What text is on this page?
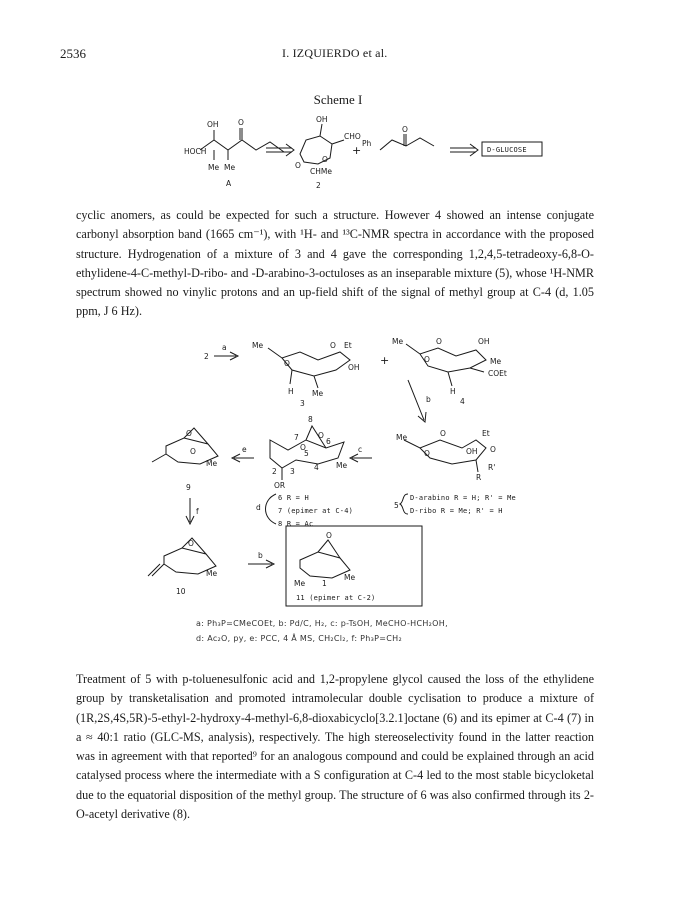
2536	I. IZQUIERDO et al.
Scheme I
OH	O
HOCH
Me Me
A
OH
CHO
O
O
CHMe
+
Ph
O
2
D-GLUCOSE

cyclic anomers, as could be expected for such a structure. However 4 showed an intense conjugate carbonyl absorption band (1665 cm⁻¹), with ¹H- and ¹³C-NMR spectra in accordance with the proposed structure. Hydrogenation of a mixture of 3 and 4 gave the corresponding 1,2,4,5-tetradeoxy-6,8-O-ethylidene-4-C-methyl-D-ribo- and -D-arabino-3-octuloses as an inseparable mixture (5), whose ¹H-NMR spectrum showed no vinylic protons and an up-field shift of the signal of methyl group at C-4 (d, 1.05 ppm, J 6 Hz).

2
a	Me
O
O Et
H Me
OH
3
+
Me
O
O	OH
Me
H
COEt
4
b
O
O
Me
e
9
8
7	6
5
2 3	4
O
O
Me
OR
c
Me
O
O
OH
Et
O
R
R'
d
6 R = H
7 (epimer at C-4)
8 R = Ac
5
D-arabino R = H; R' = Me
D-ribo R = Me; R' = H
f
O
Me
10
b
O
Me
Me 1
11 (epimer at C-2)
a: Ph₃P=CMeCOEt, b: Pd/C, H₂, c: p-TsOH, MeCHO-HCH₂OH,
d: Ac₂O, py, e: PCC, 4 Å MS, CH₂Cl₂, f: Ph₃P=CH₂

Treatment of 5 with p-toluenesulfonic acid and 1,2-propylene glycol caused the loss of the ethylidene group by transketalisation and promoted intramolecular double cyclisation to produce a mixture of (1R,2S,4S,5R)-5-ethyl-2-hydroxy-4-methyl-6,8-dioxabicyclo[3.2.1]octane (6) and its epimer at C-4 (7) in a ≈ 40:1 ratio (GLC-MS, analysis), respectively. The high stereoselectivity found in the latter reaction was in agreement with that reported⁹ for an analogous compound and could be explained through an acid catalysed process where the intermediate with a S configuration at C-4 led to the most stable bicycloketal due to the equatorial disposition of the methyl group. The structure of 6 was also confirmed through its 2-O-acetyl derivative (8).
